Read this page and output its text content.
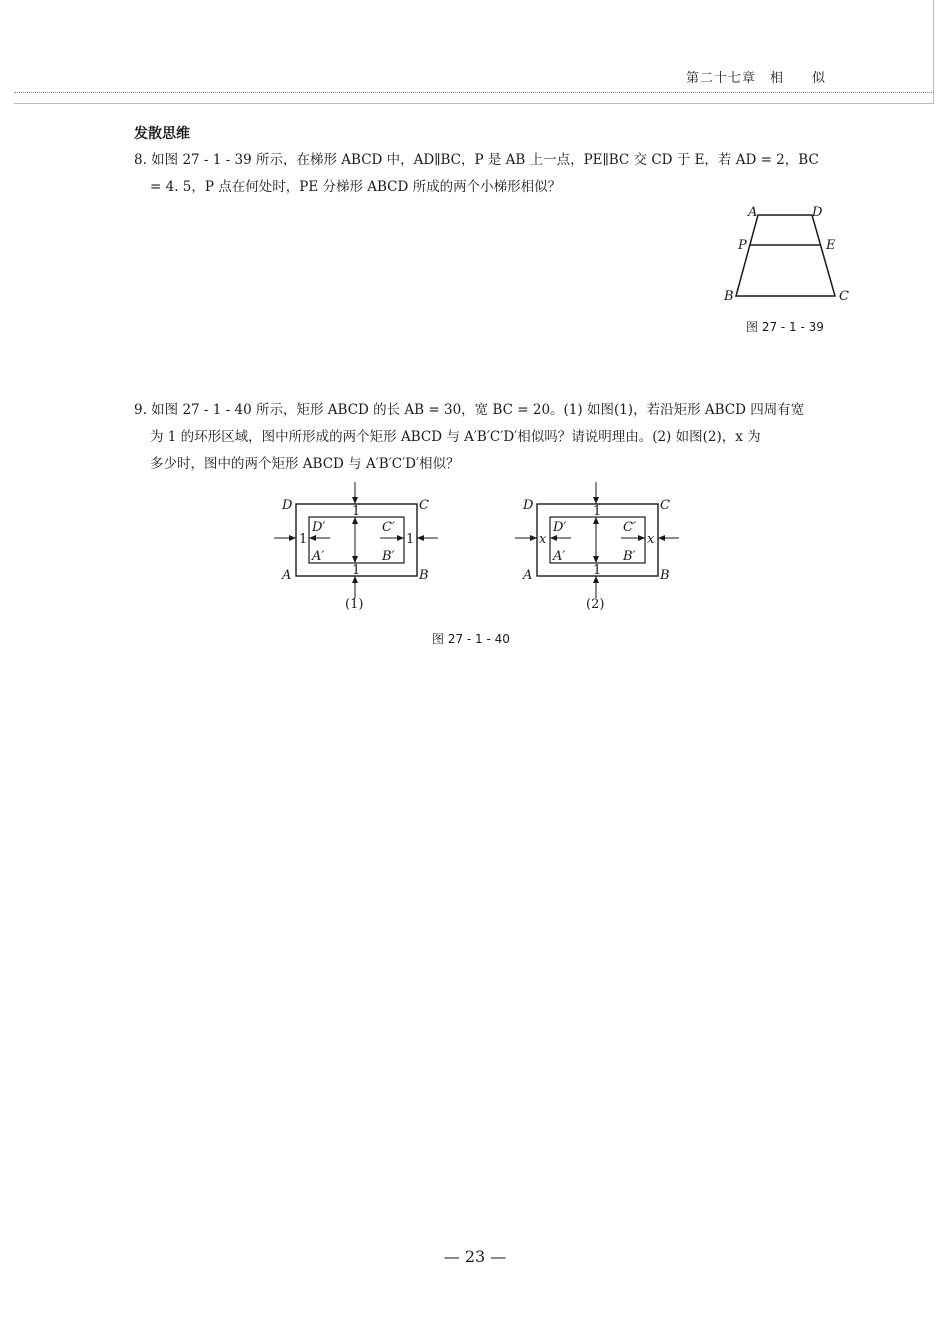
第二十七章 相 似
发散思维
8. 如图 27 - 1 - 39 所示，在梯形 ABCD 中，AD∥BC，P 是 AB 上一点，PE∥BC 交 CD 于 E，若 AD = 2，BC
= 4. 5，P 点在何处时，PE 分梯形 ABCD 所成的两个小梯形相似？
A	D
P	E
B	C
图 27 - 1 - 39
9. 如图 27 - 1 - 40 所示，矩形 ABCD 的长 AB = 30，宽 BC = 20。(1) 如图(1)，若沿矩形 ABCD 四周有宽
为 1 的环形区域，图中所形成的两个矩形 ABCD 与 A′B′C′D′相似吗？请说明理由。(2) 如图(2)，x 为
多少时，图中的两个矩形 ABCD 与 A′B′C′D′相似？
1
1
1	1
D	C
A	B
D′	C′
A′	B′
(1)
1
1
x	x
D	C
A	B
D′	C′
A′	B′
(2)
图 27 - 1 - 40
— 23 —
